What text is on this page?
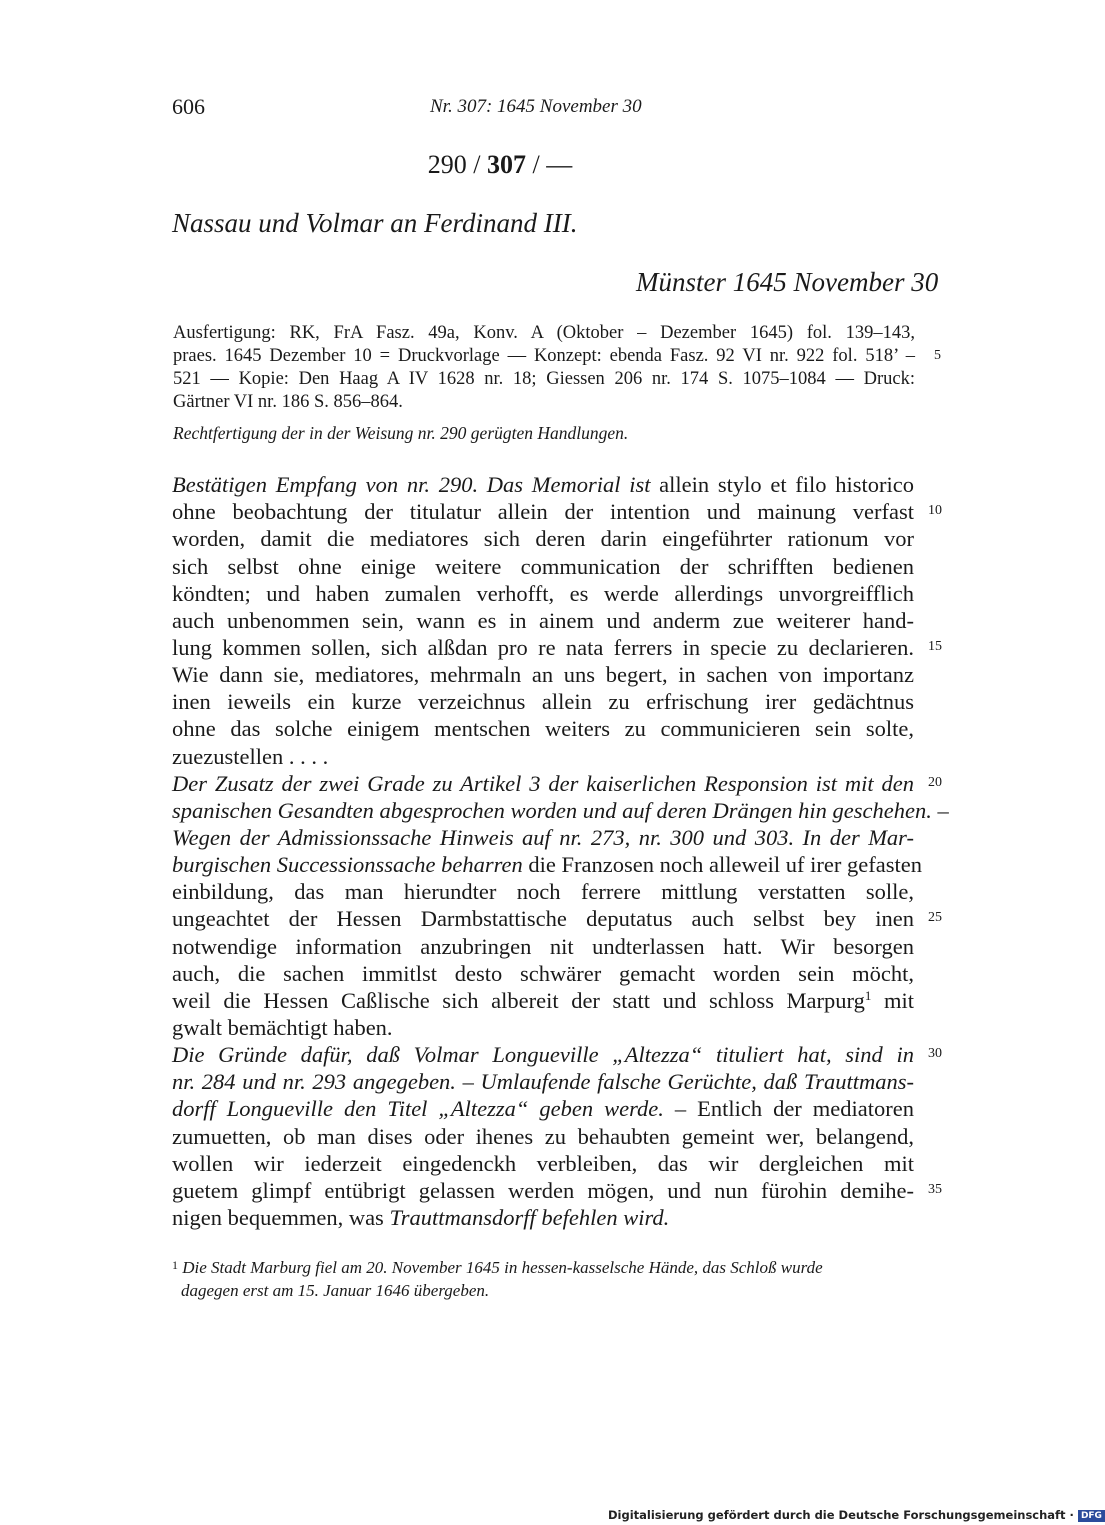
606	Nr. 307: 1645 November 30
290 / 307 / —
Nassau und Volmar an Ferdinand III.
Münster 1645 November 30
Ausfertigung: RK, FrA Fasz. 49a, Konv. A (Oktober – Dezember 1645) fol. 139–143,
praes. 1645 Dezember 10 = Druckvorlage — Konzept: ebenda Fasz. 92 VI nr. 922 fol. 518’ –
521 — Kopie: Den Haag A IV 1628 nr. 18; Giessen 206 nr. 174 S. 1075–1084 — Druck:
Gärtner VI nr. 186 S. 856–864.
Rechtfertigung der in der Weisung nr. 290 gerügten Handlungen.
Bestätigen Empfang von nr. 290. Das Memorial ist allein stylo et filo historico
ohne beobachtung der titulatur allein der intention und mainung verfast
worden, damit die mediatores sich deren darin eingeführter rationum vor
sich selbst ohne einige weitere communication der schrifften bedienen
köndten; und haben zumalen verhofft, es werde allerdings unvorgreifflich
auch unbenommen sein, wann es in ainem und anderm zue weiterer hand-
lung kommen sollen, sich alßdan pro re nata ferrers in specie zu declarieren.
Wie dann sie, mediatores, mehrmaln an uns begert, in sachen von importanz
inen ieweils ein kurze verzeichnus allein zu erfrischung irer gedächtnus
ohne das solche einigem mentschen weiters zu communicieren sein solte,
zuezustellen . . . .
Der Zusatz der zwei Grade zu Artikel 3 der kaiserlichen Responsion ist mit den
spanischen Gesandten abgesprochen worden und auf deren Drängen hin geschehen. –
Wegen der Admissionssache Hinweis auf nr. 273, nr. 300 und 303. In der Mar-
burgischen Successionssache beharren die Franzosen noch alleweil uf irer gefasten
einbildung, das man hierundter noch ferrere mittlung verstatten solle,
ungeachtet der Hessen Darmbstattische deputatus auch selbst bey inen
notwendige information anzubringen nit undterlassen hatt. Wir besorgen
auch, die sachen immitlst desto schwärer gemacht worden sein möcht,
weil die Hessen Caßlische sich albereit der statt und schloss Marpurg$^1$ mit
gwalt bemächtigt haben.
Die Gründe dafür, daß Volmar Longueville „Altezza“ tituliert hat, sind in
nr. 284 und nr. 293 angegeben. – Umlaufende falsche Gerüchte, daß Trauttmans-
dorff Longueville den Titel „Altezza“ geben werde. – Entlich der mediatoren
zumuetten, ob man dises oder ihenes zu behaubten gemeint wer, belangend,
wollen wir iederzeit eingedenckh verbleiben, das wir dergleichen mit
guetem glimpf entübrigt gelassen werden mögen, und nun fürohin demihe-
nigen bequemmen, was Trauttmansdorff befehlen wird.
5
10
15
20
25
30
35
$^1$ Die Stadt Marburg fiel am 20. November 1645 in hessen-kasselsche Hände, das Schloß wurde
dagegen erst am 15. Januar 1646 übergeben.
Digitalisierung gefördert durch die Deutsche Forschungsgemeinschaft · DFG
